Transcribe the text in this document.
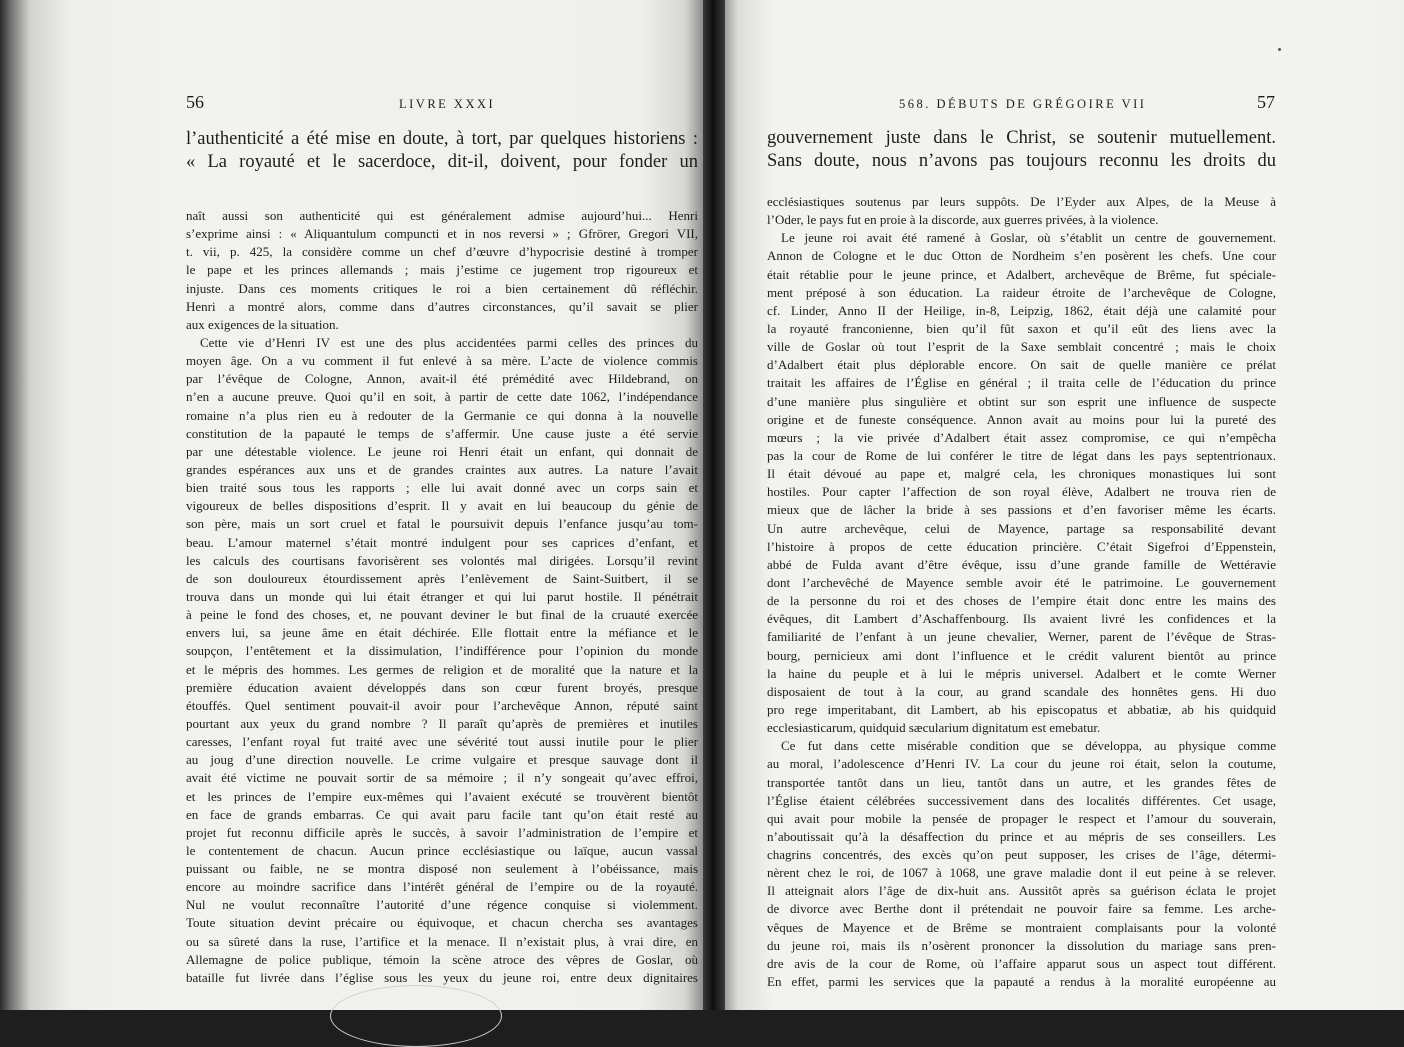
56	LIVRE XXXI

l’authenticité a été mise en doute, à tort, par quelques historiens :

« La royauté et le sacerdoce, dit-il, doivent, pour fonder un

naît aussi son authenticité qui est généralement admise aujourd’hui... Henri
s’exprime ainsi : « Aliquantulum compuncti et in nos reversi » ; Gfrörer, Gregori VII,
t. vii, p. 425, la considère comme un chef d’œuvre d’hypocrisie destiné à tromper
le pape et les princes allemands ; mais j’estime ce jugement trop rigoureux et
injuste. Dans ces moments critiques le roi a bien certainement dû réfléchir.
Henri a montré alors, comme dans d’autres circonstances, qu’il savait se plier
aux exigences de la situation.
Cette vie d’Henri IV est une des plus accidentées parmi celles des princes du
moyen âge. On a vu comment il fut enlevé à sa mère. L’acte de violence commis
par l’évêque de Cologne, Annon, avait-il été prémédité avec Hildebrand, on
n’en a aucune preuve. Quoi qu’il en soit, à partir de cette date 1062, l’indépendance
romaine n’a plus rien eu à redouter de la Germanie ce qui donna à la nouvelle
constitution de la papauté le temps de s’affermir. Une cause juste a été servie
par une détestable violence. Le jeune roi Henri était un enfant, qui donnait de
grandes espérances aux uns et de grandes craintes aux autres. La nature l’avait
bien traité sous tous les rapports ; elle lui avait donné avec un corps sain et
vigoureux de belles dispositions d’esprit. Il y avait en lui beaucoup du génie de
son père, mais un sort cruel et fatal le poursuivit depuis l’enfance jusqu’au tom-
beau. L’amour maternel s’était montré indulgent pour ses caprices d’enfant, et
les calculs des courtisans favorisèrent ses volontés mal dirigées. Lorsqu’il revint
de son douloureux étourdissement après l’enlèvement de Saint-Suitbert, il se
trouva dans un monde qui lui était étranger et qui lui parut hostile. Il pénétrait
à peine le fond des choses, et, ne pouvant deviner le but final de la cruauté exercée
envers lui, sa jeune âme en était déchirée. Elle flottait entre la méfiance et le
soupçon, l’entêtement et la dissimulation, l’indifférence pour l’opinion du monde
et le mépris des hommes. Les germes de religion et de moralité que la nature et la
première éducation avaient développés dans son cœur furent broyés, presque
étouffés. Quel sentiment pouvait-il avoir pour l’archevêque Annon, réputé saint
pourtant aux yeux du grand nombre ? Il paraît qu’après de premières et inutiles
caresses, l’enfant royal fut traité avec une sévérité tout aussi inutile pour le plier
au joug d’une direction nouvelle. Le crime vulgaire et presque sauvage dont il
avait été victime ne pouvait sortir de sa mémoire ; il n’y songeait qu’avec effroi,
et les princes de l’empire eux-mêmes qui l’avaient exécuté se trouvèrent bientôt
en face de grands embarras. Ce qui avait paru facile tant qu’on était resté au
projet fut reconnu difficile après le succès, à savoir l’administration de l’empire et
le contentement de chacun. Aucun prince ecclésiastique ou laïque, aucun vassal
puissant ou faible, ne se montra disposé non seulement à l’obéissance, mais
encore au moindre sacrifice dans l’intérêt général de l’empire ou de la royauté.
Nul ne voulut reconnaître l’autorité d’une régence conquise si violemment.
Toute situation devint précaire ou équivoque, et chacun chercha ses avantages
ou sa sûreté dans la ruse, l’artifice et la menace. Il n’existait plus, à vrai dire, en
Allemagne de police publique, témoin la scène atroce des vêpres de Goslar, où
bataille fut livrée dans l’église sous les yeux du jeune roi, entre deux dignitaires
568. DÉBUTS DE GRÉGOIRE VII	57

gouvernement juste dans le Christ, se soutenir mutuellement.

Sans doute, nous n’avons pas toujours reconnu les droits du

ecclésiastiques soutenus par leurs suppôts. De l’Eyder aux Alpes, de la Meuse à
l’Oder, le pays fut en proie à la discorde, aux guerres privées, à la violence.
Le jeune roi avait été ramené à Goslar, où s’établit un centre de gouvernement.
Annon de Cologne et le duc Otton de Nordheim s’en posèrent les chefs. Une cour
était rétablie pour le jeune prince, et Adalbert, archevêque de Brême, fut spéciale-
ment préposé à son éducation. La raideur étroite de l’archevêque de Cologne,
cf. Linder, Anno II der Heilige, in-8, Leipzig, 1862, était déjà une calamité pour
la royauté franconienne, bien qu’il fût saxon et qu’il eût des liens avec la
ville de Goslar où tout l’esprit de la Saxe semblait concentré ; mais le choix
d’Adalbert était plus déplorable encore. On sait de quelle manière ce prélat
traitait les affaires de l’Église en général ; il traita celle de l’éducation du prince
d’une manière plus singulière et obtint sur son esprit une influence de suspecte
origine et de funeste conséquence. Annon avait au moins pour lui la pureté des
mœurs ; la vie privée d’Adalbert était assez compromise, ce qui n’empêcha
pas la cour de Rome de lui conférer le titre de légat dans les pays septentrionaux.
Il était dévoué au pape et, malgré cela, les chroniques monastiques lui sont
hostiles. Pour capter l’affection de son royal élève, Adalbert ne trouva rien de
mieux que de lâcher la bride à ses passions et d’en favoriser même les écarts.
Un autre archevêque, celui de Mayence, partage sa responsabilité devant
l’histoire à propos de cette éducation princière. C’était Sigefroi d’Eppenstein,
abbé de Fulda avant d’être évêque, issu d’une grande famille de Wettéravie
dont l’archevêché de Mayence semble avoir été le patrimoine. Le gouvernement
de la personne du roi et des choses de l’empire était donc entre les mains des
évêques, dit Lambert d’Aschaffenbourg. Ils avaient livré les confidences et la
familiarité de l’enfant à un jeune chevalier, Werner, parent de l’évêque de Stras-
bourg, pernicieux ami dont l’influence et le crédit valurent bientôt au prince
la haine du peuple et à lui le mépris universel. Adalbert et le comte Werner
disposaient de tout à la cour, au grand scandale des honnêtes gens. Hi duo
pro rege imperitabant, dit Lambert, ab his episcopatus et abbatiæ, ab his quidquid
ecclesiasticarum, quidquid sæcularium dignitatum est emebatur.
Ce fut dans cette misérable condition que se développa, au physique comme
au moral, l’adolescence d’Henri IV. La cour du jeune roi était, selon la coutume,
transportée tantôt dans un lieu, tantôt dans un autre, et les grandes fêtes de
l’Église étaient célébrées successivement dans des localités différentes. Cet usage,
qui avait pour mobile la pensée de propager le respect et l’amour du souverain,
n’aboutissait qu’à la désaffection du prince et au mépris de ses conseillers. Les
chagrins concentrés, des excès qu’on peut supposer, les crises de l’âge, détermi-
nèrent chez le roi, de 1067 à 1068, une grave maladie dont il eut peine à se relever.
Il atteignait alors l’âge de dix-huit ans. Aussitôt après sa guérison éclata le projet
de divorce avec Berthe dont il prétendait ne pouvoir faire sa femme. Les arche-
vêques de Mayence et de Brême se montraient complaisants pour la volonté
du jeune roi, mais ils n’osèrent prononcer la dissolution du mariage sans pren-
dre avis de la cour de Rome, où l’affaire apparut sous un aspect tout différent.
En effet, parmi les services que la papauté a rendus à la moralité européenne au
